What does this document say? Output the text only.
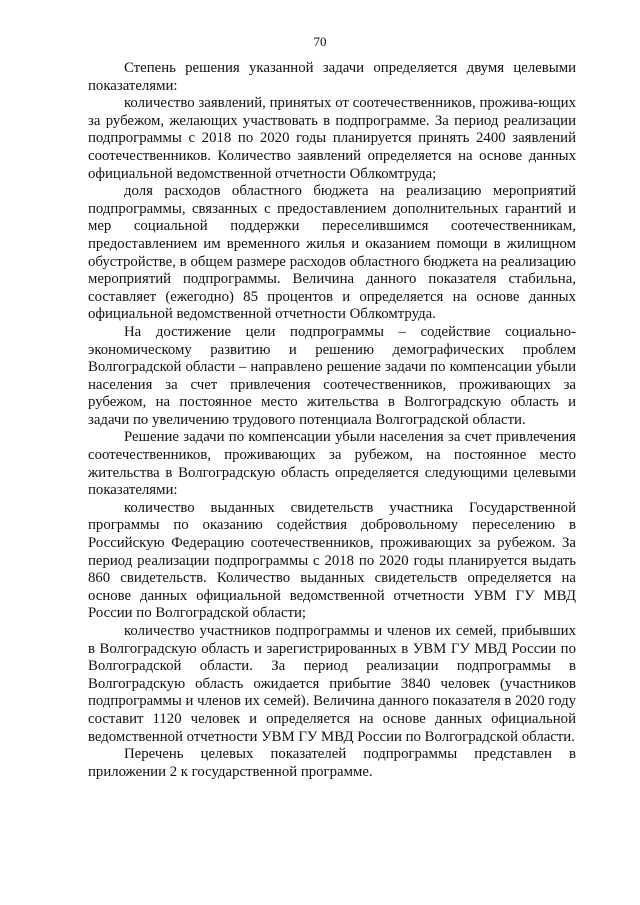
70

Степень решения указанной задачи определяется двумя целевыми показателями:

количество заявлений, принятых от соотечественников, прожива-ющих за рубежом, желающих участвовать в подпрограмме. За период реализации подпрограммы с 2018 по 2020 годы планируется принять 2400 заявлений соотечественников. Количество заявлений определяется на основе данных официальной ведомственной отчетности Облкомтруда;

доля расходов областного бюджета на реализацию мероприятий подпрограммы, связанных с предоставлением дополнительных гарантий и мер социальной поддержки переселившимся соотечественникам, предоставлением им временного жилья и оказанием помощи в жилищном обустройстве, в общем размере расходов областного бюджета на реализацию мероприятий подпрограммы. Величина данного показателя стабильна, составляет (ежегодно) 85 процентов и определяется на основе данных официальной ведомственной отчетности Облкомтруда.

На достижение цели подпрограммы – содействие социально-экономическому развитию и решению демографических проблем Волгоградской области – направлено решение задачи по компенсации убыли населения за счет привлечения соотечественников, проживающих за рубежом, на постоянное место жительства в Волгоградскую область и задачи по увеличению трудового потенциала Волгоградской области.

Решение задачи по компенсации убыли населения за счет привлечения соотечественников, проживающих за рубежом, на постоянное место жительства в Волгоградскую область определяется следующими целевыми показателями:

количество выданных свидетельств участника Государственной программы по оказанию содействия добровольному переселению в Российскую Федерацию соотечественников, проживающих за рубежом. За период реализации подпрограммы с 2018 по 2020 годы планируется выдать 860 свидетельств. Количество выданных свидетельств определяется на основе данных официальной ведомственной отчетности УВМ ГУ МВД России по Волгоградской области;

количество участников подпрограммы и членов их семей, прибывших в Волгоградскую область и зарегистрированных в УВМ ГУ МВД России по Волгоградской области. За период реализации подпрограммы в Волгоградскую область ожидается прибытие 3840 человек (участников подпрограммы и членов их семей). Величина данного показателя в 2020 году составит 1120 человек и определяется на основе данных официальной ведомственной отчетности УВМ ГУ МВД России по Волгоградской области.

Перечень целевых показателей подпрограммы представлен в приложении 2 к государственной программе.
